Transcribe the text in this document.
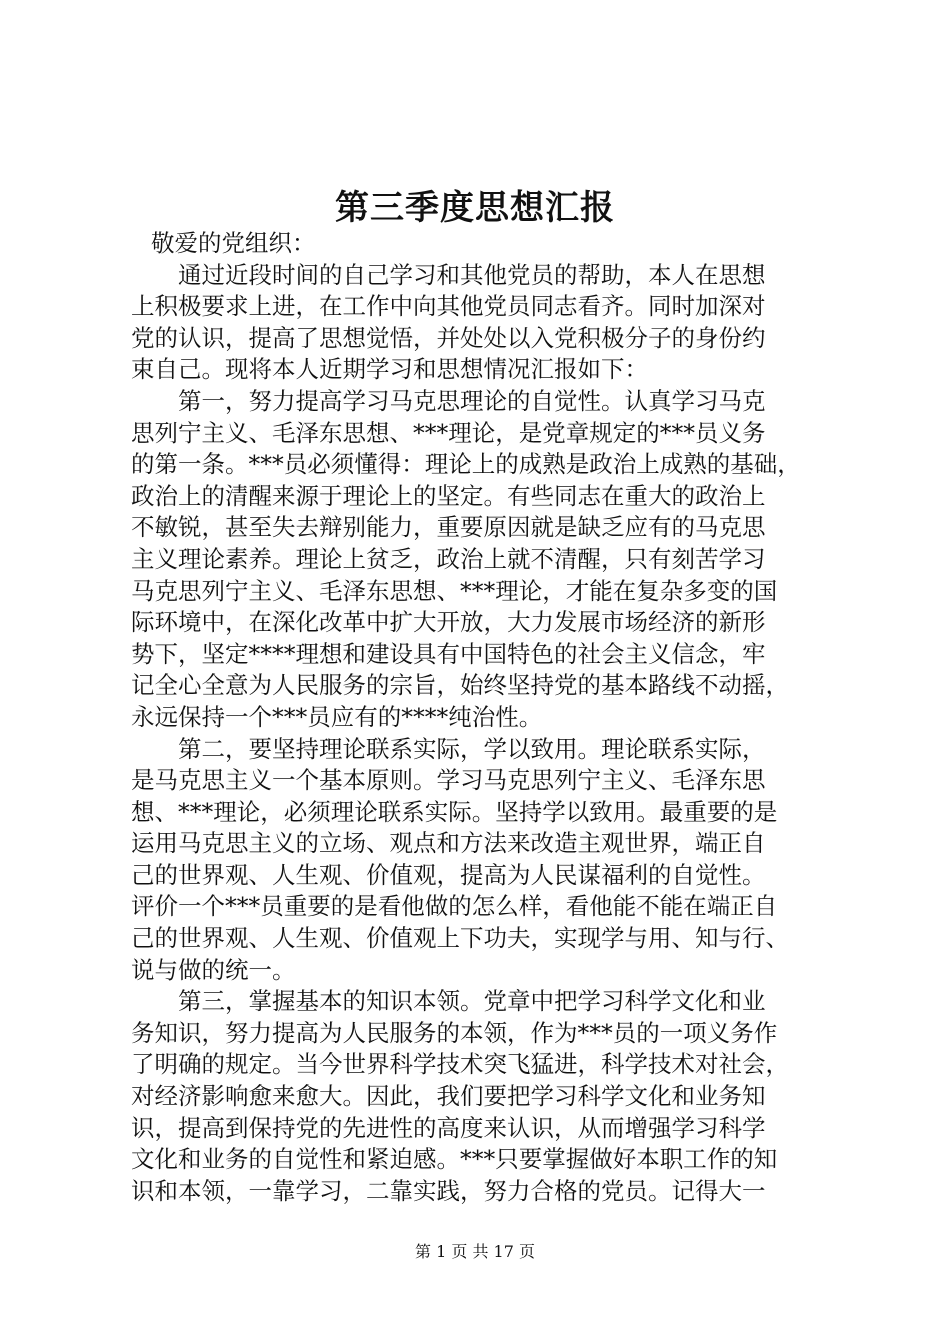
第三季度思想汇报
敬爱的党组织：
通过近段时间的自己学习和其他党员的帮助，本人在思想
上积极要求上进，在工作中向其他党员同志看齐。同时加深对
党的认识，提高了思想觉悟，并处处以入党积极分子的身份约
束自己。现将本人近期学习和思想情况汇报如下：
第一，努力提高学习马克思理论的自觉性。认真学习马克
思列宁主义、毛泽东思想、***理论，是党章规定的***员义务
的第一条。***员必须懂得：理论上的成熟是政治上成熟的基础，
政治上的清醒来源于理论上的坚定。有些同志在重大的政治上
不敏锐，甚至失去辩别能力，重要原因就是缺乏应有的马克思
主义理论素养。理论上贫乏，政治上就不清醒，只有刻苦学习
马克思列宁主义、毛泽东思想、***理论，才能在复杂多变的国
际环境中，在深化改革中扩大开放，大力发展市场经济的新形
势下，坚定****理想和建设具有中国特色的社会主义信念，牢
记全心全意为人民服务的宗旨，始终坚持党的基本路线不动摇，
永远保持一个***员应有的****纯治性。
第二，要坚持理论联系实际，学以致用。理论联系实际，
是马克思主义一个基本原则。学习马克思列宁主义、毛泽东思
想、***理论，必须理论联系实际。坚持学以致用。最重要的是
运用马克思主义的立场、观点和方法来改造主观世界，端正自
己的世界观、人生观、价值观，提高为人民谋福利的自觉性。
评价一个***员重要的是看他做的怎么样，看他能不能在端正自
己的世界观、人生观、价值观上下功夫，实现学与用、知与行、
说与做的统一。
第三，掌握基本的知识本领。党章中把学习科学文化和业
务知识，努力提高为人民服务的本领，作为***员的一项义务作
了明确的规定。当今世界科学技术突飞猛进，科学技术对社会，
对经济影响愈来愈大。因此，我们要把学习科学文化和业务知
识，提高到保持党的先进性的高度来认识，从而增强学习科学
文化和业务的自觉性和紧迫感。***只要掌握做好本职工作的知
识和本领，一靠学习，二靠实践，努力合格的党员。记得大一
第 1 页 共 17 页
